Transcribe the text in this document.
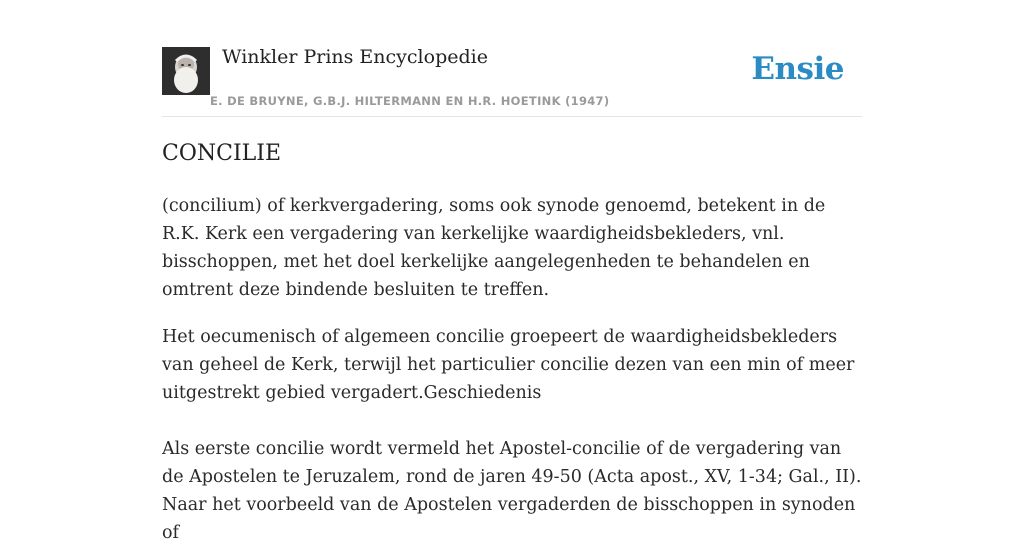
Winkler Prins Encyclopedie
E. DE BRUYNE, G.B.J. HILTERMANN EN H.R. HOETINK (1947)
Ensie
CONCILIE

(concilium) of kerkvergadering, soms ook synode genoemd, betekent in de R.K. Kerk een vergadering van kerkelijke waardigheidsbekleders, vnl. bisschoppen, met het doel kerkelijke aangelegenheden te behandelen en omtrent deze bindende besluiten te treffen.

Het oecumenisch of algemeen concilie groepeert de waardigheidsbekleders van geheel de Kerk, terwijl het particulier concilie dezen van een min of meer uitgestrekt gebied vergadert.Geschiedenis

Als eerste concilie wordt vermeld het Apostel-concilie of de vergadering van de Apostelen te Jeruzalem, rond de jaren 49-50 (Acta apost., XV, 1-34; Gal., II). Naar het voorbeeld van de Apostelen vergaderden de bisschoppen in synoden of
